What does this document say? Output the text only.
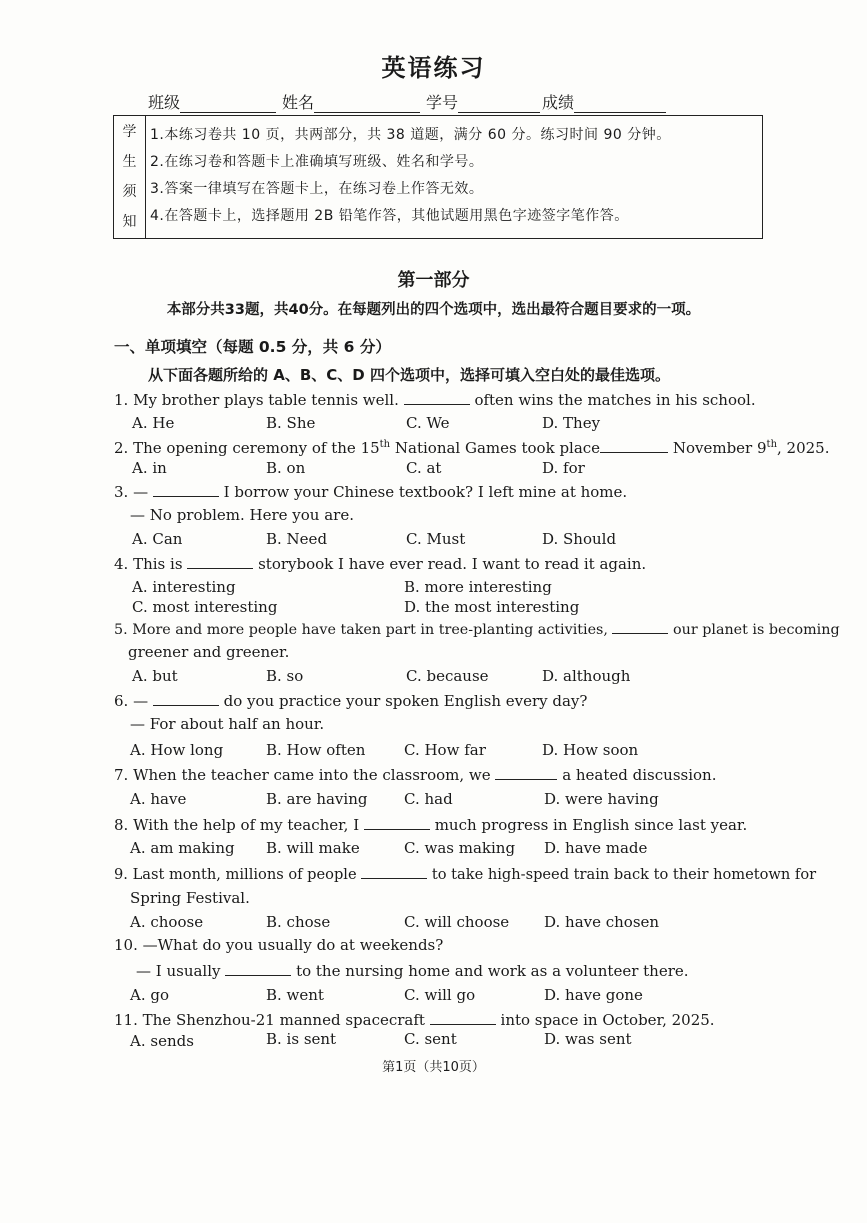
英语练习
班级	姓名	学号	成绩
学
生
须
知
1.本练习卷共 10 页，共两部分，共 38 道题，满分 60 分。练习时间 90 分钟。
2.在练习卷和答题卡上准确填写班级、姓名和学号。
3.答案一律填写在答题卡上，在练习卷上作答无效。
4.在答题卡上，选择题用 2B 铅笔作答，其他试题用黑色字迹签字笔作答。
第一部分
本部分共33题，共40分。在每题列出的四个选项中，选出最符合题目要求的一项。
一、单项填空（每题 0.5 分，共 6 分）
从下面各题所给的 A、B、C、D 四个选项中，选择可填入空白处的最佳选项。
1. My brother plays table tennis well.	often wins the matches in his school.
A. He	B. She	C. We	D. They
2. The opening ceremony of the 15th National Games took place	November 9th, 2025.
A. in	B. on	C. at	D. for
3. —	I borrow your Chinese textbook? I left mine at home.
— No problem. Here you are.
A. Can	B. Need	C. Must	D. Should
4. This is	storybook I have ever read. I want to read it again.
A. interesting	B. more interesting
C. most interesting	D. the most interesting
5. More and more people have taken part in tree-planting activities,	our planet is becoming
greener and greener.
A. but	B. so	C. because	D. although
6. —	do you practice your spoken English every day?
— For about half an hour.
A. How long	B. How often	C. How far	D. How soon
7. When the teacher came into the classroom, we	a heated discussion.
A. have	B. are having C. had	D. were having
8. With the help of my teacher, I	much progress in English since last year.
A. am making B. will make	C. was making D. have made
9. Last month, millions of people	to take high-speed train back to their hometown for
Spring Festival.
A. choose	B. chose	C. will choose D. have chosen
10. —What do you usually do at weekends?
— I usually	to the nursing home and work as a volunteer there.
A. go	B. went	C. will go	D. have gone
11. The Shenzhou-21 manned spacecraft	into space in October, 2025.
A. sends	B. is sent	C. sent	D. was sent
第1页（共10页）
